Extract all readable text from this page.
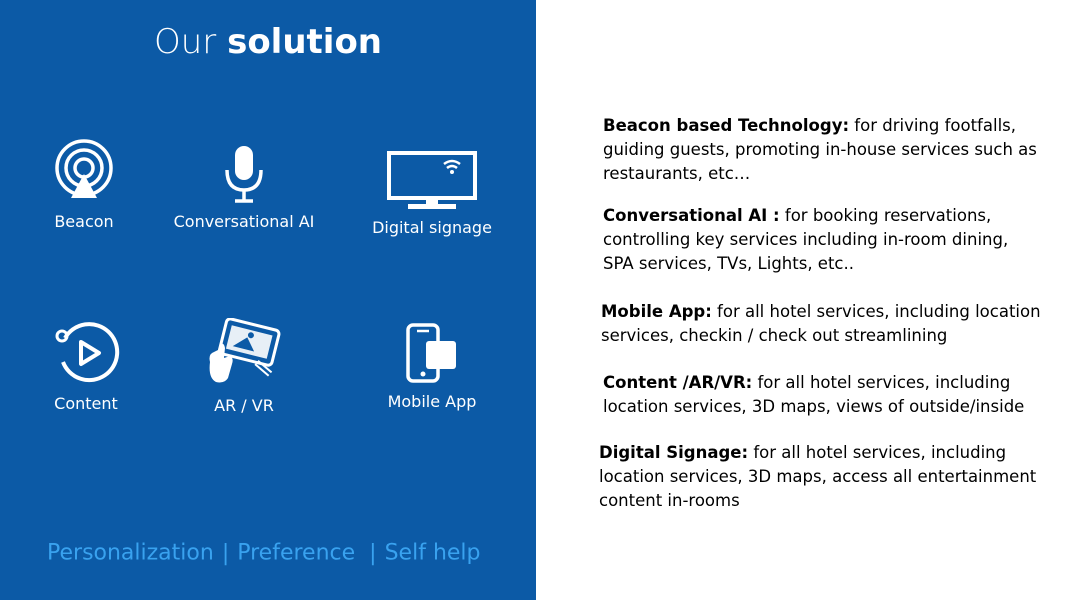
Our solution
Beacon	Conversational AI	Digital signage
Content	AR / VR	Mobile App
Personalization | Preference | Self help
Beacon based Technology: for driving footfalls, guiding guests, promoting in-house services such as restaurants, etc…
Conversational AI : for booking reservations, controlling key services including in-room dining, SPA services, TVs, Lights, etc..
Mobile App: for all hotel services, including location services, checkin / check out streamlining
Content /AR/VR: for all hotel services, including location services, 3D maps, views of outside/inside
Digital Signage: for all hotel services, including location services, 3D maps, access all entertainment content in-rooms
